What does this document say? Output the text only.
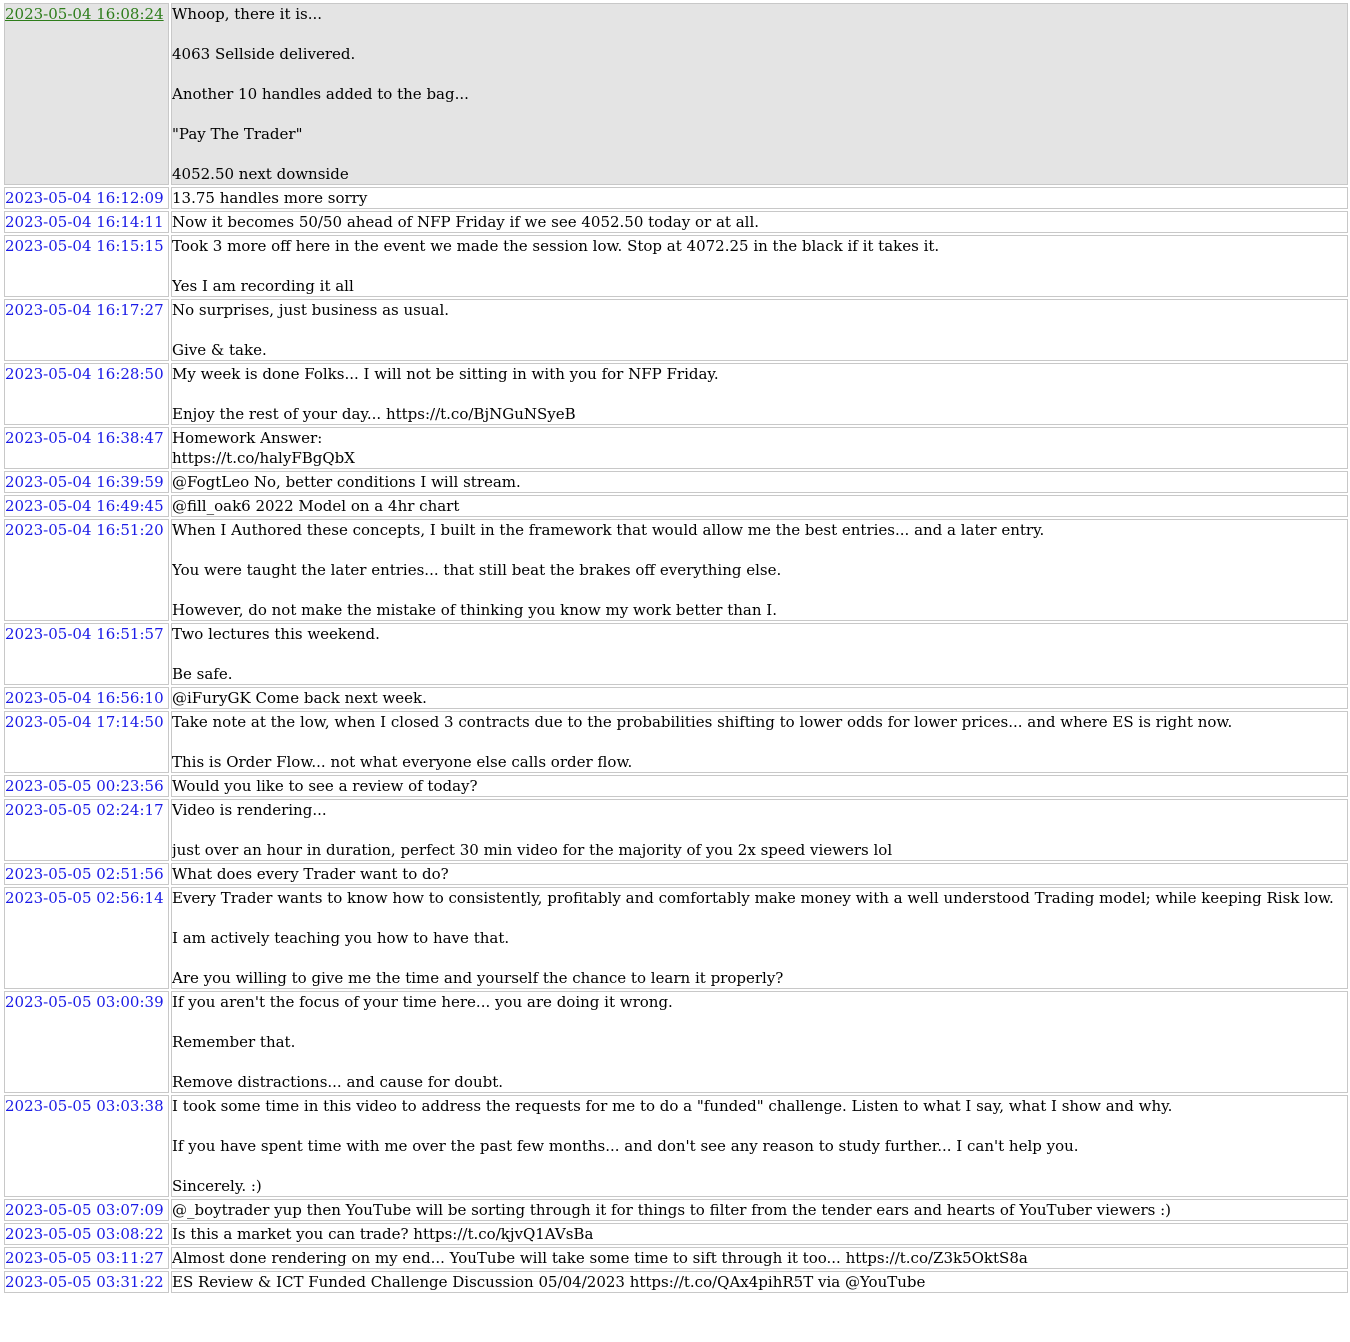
2023-05-04 16:08:24	Whoop, there it is...

4063 Sellside delivered.

Another 10 handles added to the bag...

"Pay The Trader"

4052.50 next downside

2023-05-04 16:12:09	13.75 handles more sorry

2023-05-04 16:14:11	Now it becomes 50/50 ahead of NFP Friday if we see 4052.50 today or at all.

2023-05-04 16:15:15	Took 3 more off here in the event we made the session low. Stop at 4072.25 in the black if it takes it.

Yes I am recording it all

2023-05-04 16:17:27	No surprises, just business as usual.

Give & take.

2023-05-04 16:28:50	My week is done Folks... I will not be sitting in with you for NFP Friday.

Enjoy the rest of your day... https://t.co/BjNGuNSyeB

2023-05-04 16:38:47	Homework Answer:

https://t.co/halyFBgQbX

2023-05-04 16:39:59	@FogtLeo No, better conditions I will stream.

2023-05-04 16:49:45	@fill_oak6 2022 Model on a 4hr chart

2023-05-04 16:51:20	When I Authored these concepts, I built in the framework that would allow me the best entries... and a later entry.

You were taught the later entries... that still beat the brakes off everything else.

However, do not make the mistake of thinking you know my work better than I.

2023-05-04 16:51:57	Two lectures this weekend.

Be safe.

2023-05-04 16:56:10	@iFuryGK Come back next week.

2023-05-04 17:14:50	Take note at the low, when I closed 3 contracts due to the probabilities shifting to lower odds for lower prices... and where ES is right now.

This is Order Flow... not what everyone else calls order flow.

2023-05-05 00:23:56	Would you like to see a review of today?

2023-05-05 02:24:17	Video is rendering...

just over an hour in duration, perfect 30 min video for the majority of you 2x speed viewers lol

2023-05-05 02:51:56	What does every Trader want to do?

2023-05-05 02:56:14	Every Trader wants to know how to consistently, profitably and comfortably make money with a well understood Trading model; while keeping Risk low.

I am actively teaching you how to have that.

Are you willing to give me the time and yourself the chance to learn it properly?

2023-05-05 03:00:39	If you aren't the focus of your time here... you are doing it wrong.

Remember that.

Remove distractions... and cause for doubt.

2023-05-05 03:03:38	I took some time in this video to address the requests for me to do a "funded" challenge. Listen to what I say, what I show and why.

If you have spent time with me over the past few months... and don't see any reason to study further... I can't help you.

Sincerely. :)

2023-05-05 03:07:09	@_boytrader yup then YouTube will be sorting through it for things to filter from the tender ears and hearts of YouTuber viewers :)

2023-05-05 03:08:22	Is this a market you can trade? https://t.co/kjvQ1AVsBa

2023-05-05 03:11:27	Almost done rendering on my end... YouTube will take some time to sift through it too... https://t.co/Z3k5OktS8a

2023-05-05 03:31:22	ES Review & ICT Funded Challenge Discussion 05/04/2023 https://t.co/QAx4pihR5T via @YouTube
